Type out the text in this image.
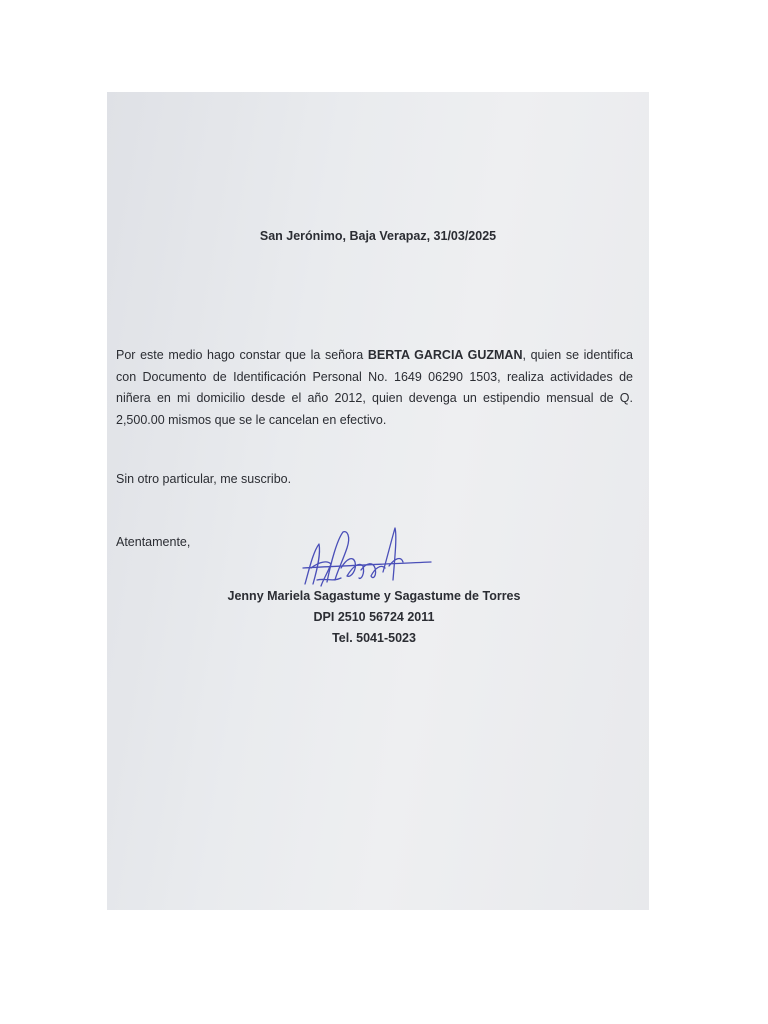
San Jerónimo, Baja Verapaz, 31/03/2025
Por este medio hago constar que la señora BERTA GARCIA GUZMAN, quien se identifica con Documento de Identificación Personal No. 1649 06290 1503, realiza actividades de niñera en mi domicilio desde el año 2012, quien devenga un estipendio mensual de Q. 2,500.00 mismos que se le cancelan en efectivo.
Sin otro particular, me suscribo.
Atentamente,
Jenny Mariela Sagastume y Sagastume de Torres
DPI 2510 56724 2011
Tel. 5041-5023
